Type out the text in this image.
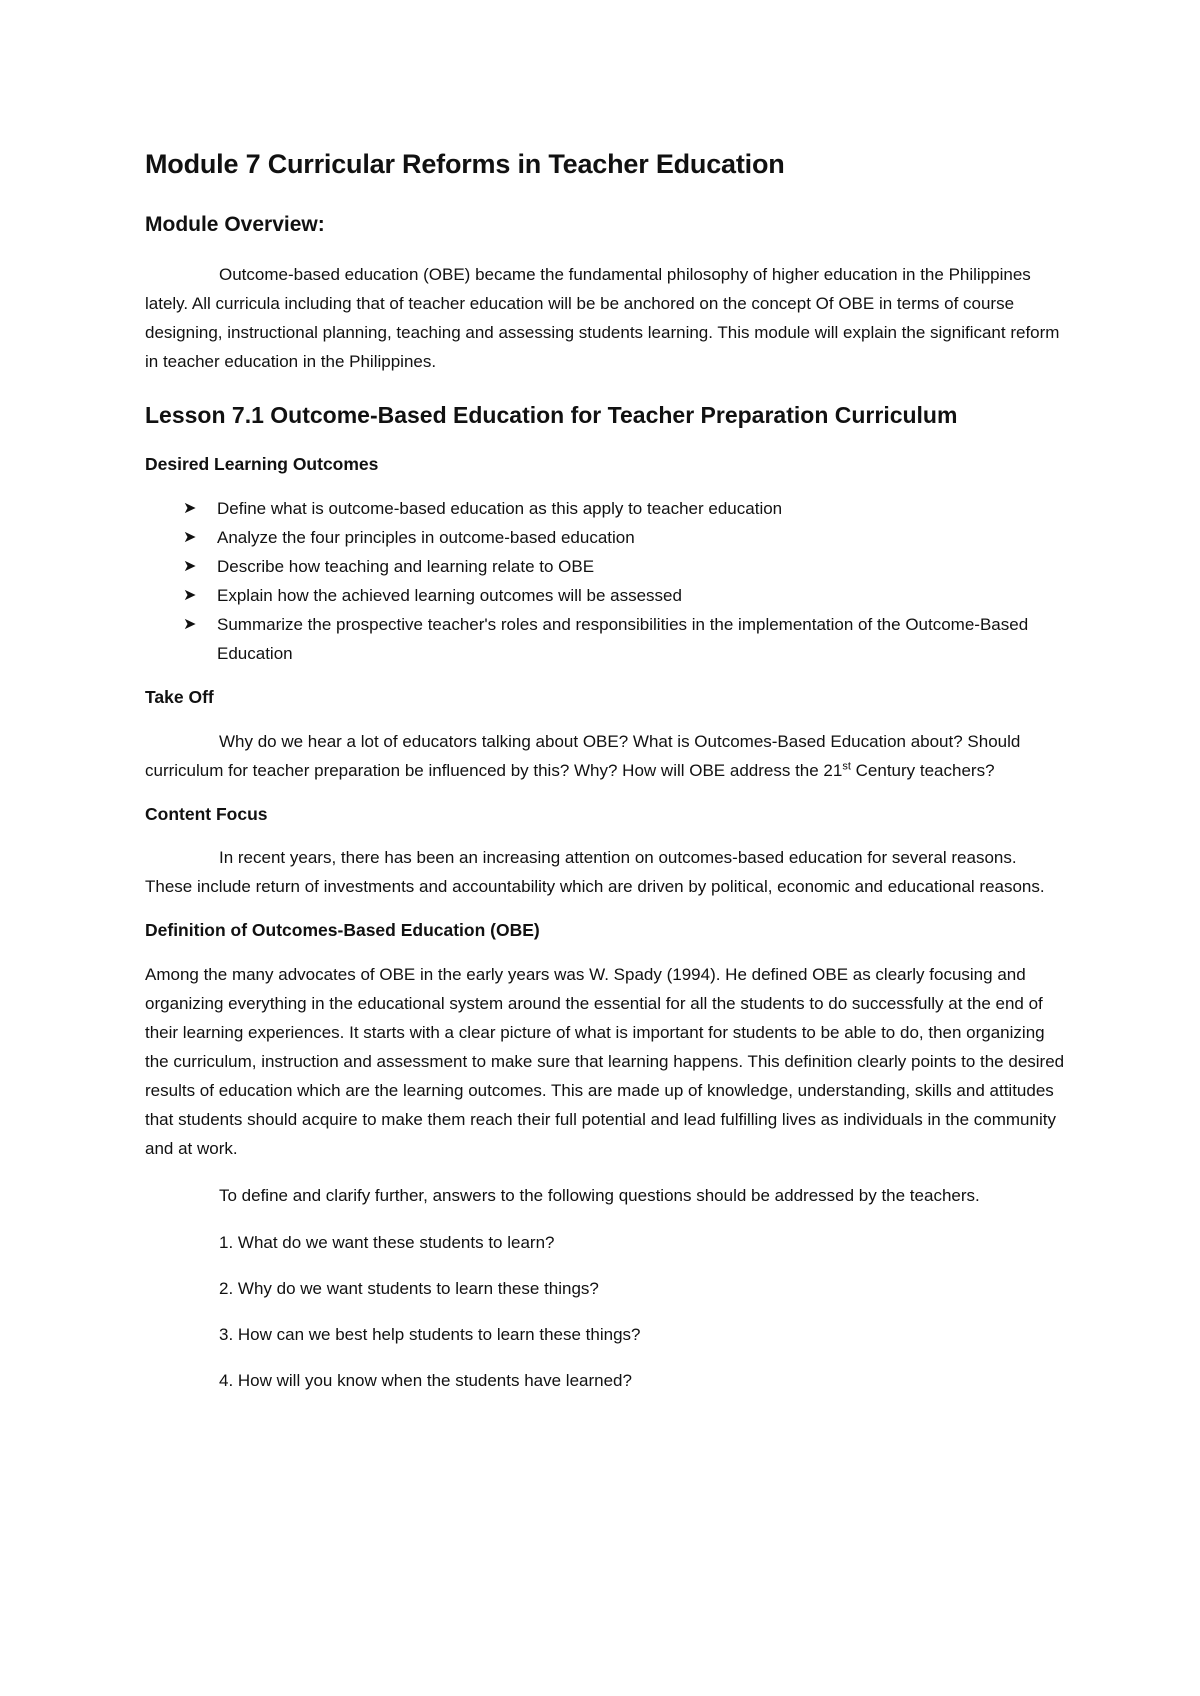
Module 7 Curricular Reforms in Teacher Education
Module Overview:

Outcome-based education (OBE) became the fundamental philosophy of higher education in the Philippines lately. All curricula including that of teacher education will be be anchored on the concept Of OBE in terms of course designing, instructional planning, teaching and assessing students learning. This module will explain the significant reform in teacher education in the Philippines.

Lesson 7.1 Outcome-Based Education for Teacher Preparation Curriculum
Desired Learning Outcomes
➤ Define what is outcome-based education as this apply to teacher education
➤ Analyze the four principles in outcome-based education
➤ Describe how teaching and learning relate to OBE
➤ Explain how the achieved learning outcomes will be assessed
➤ Summarize the prospective teacher's roles and responsibilities in the implementation of the Outcome-Based Education
Take Off

Why do we hear a lot of educators talking about OBE? What is Outcomes-Based Education about? Should curriculum for teacher preparation be influenced by this? Why? How will OBE address the 21st Century teachers?

Content Focus

In recent years, there has been an increasing attention on outcomes-based education for several reasons. These include return of investments and accountability which are driven by political, economic and educational reasons.

Definition of Outcomes-Based Education (OBE)

Among the many advocates of OBE in the early years was W. Spady (1994). He defined OBE as clearly focusing and organizing everything in the educational system around the essential for all the students to do successfully at the end of their learning experiences. It starts with a clear picture of what is important for students to be able to do, then organizing the curriculum, instruction and assessment to make sure that learning happens. This definition clearly points to the desired results of education which are the learning outcomes. This are made up of knowledge, understanding, skills and attitudes that students should acquire to make them reach their full potential and lead fulfilling lives as individuals in the community and at work.

To define and clarify further, answers to the following questions should be addressed by the teachers.

1. What do we want these students to learn?
2. Why do we want students to learn these things?
3. How can we best help students to learn these things?
4. How will you know when the students have learned?
